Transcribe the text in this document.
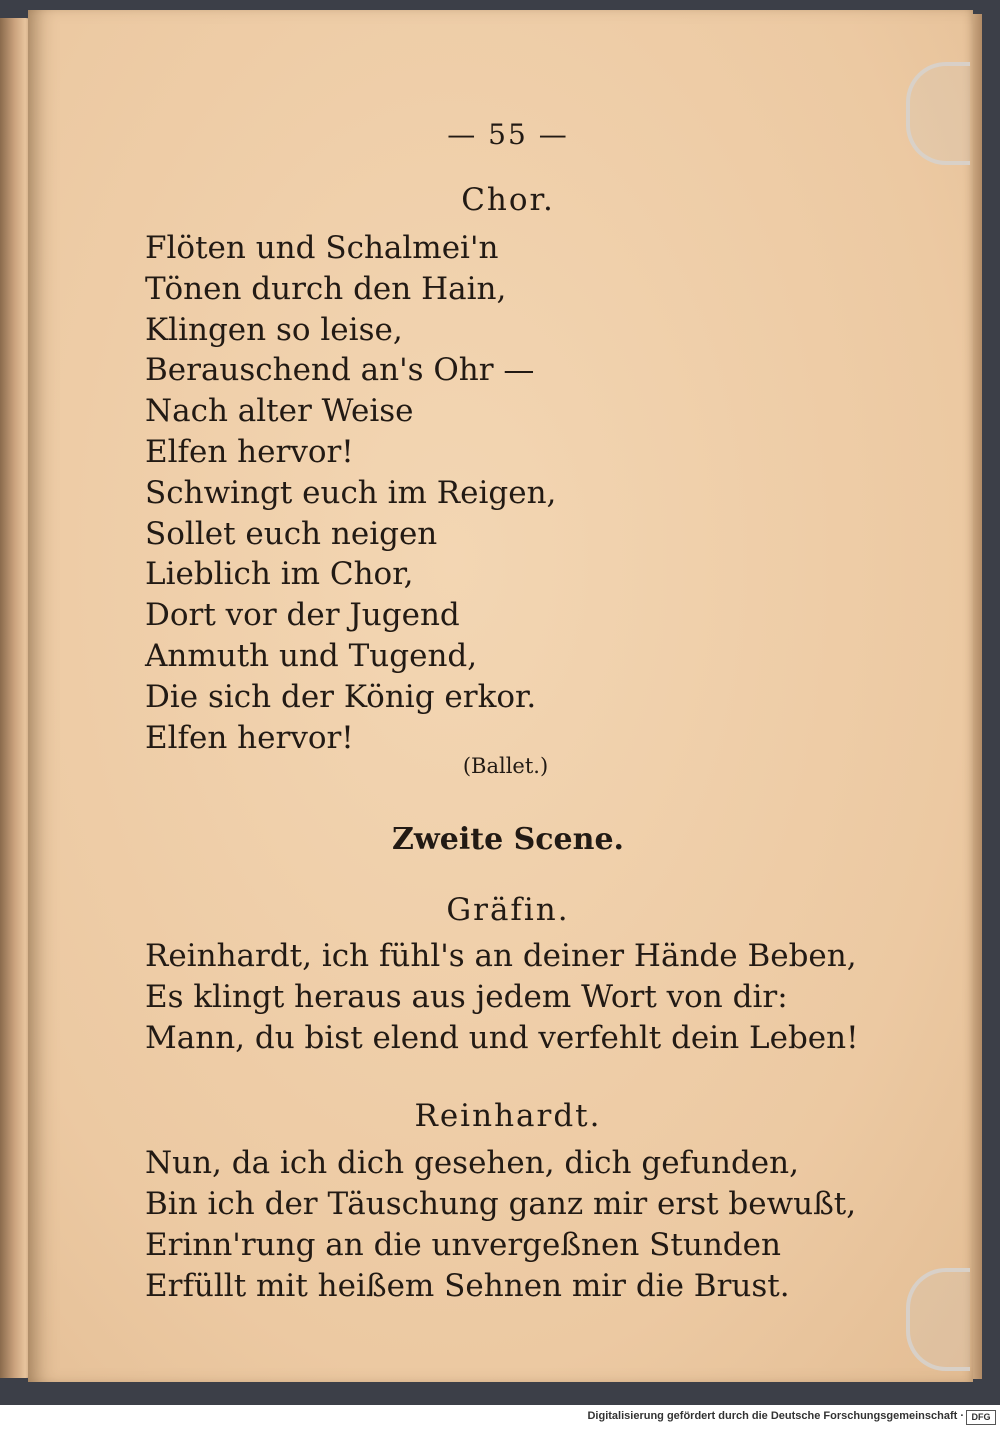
— 55 —

Chor.

Flöten und Schalmei'n
Tönen durch den Hain,
Klingen so leise,
Berauschend an's Ohr —
Nach alter Weise
Elfen hervor!
Schwingt euch im Reigen,
Sollet euch neigen
Lieblich im Chor,
Dort vor der Jugend
Anmuth und Tugend,
Die sich der König erkor.
Elfen hervor!

(Ballet.)

Zweite Scene.

Gräfin.

Reinhardt, ich fühl's an deiner Hände Beben,
Es klingt heraus aus jedem Wort von dir:
Mann, du bist elend und verfehlt dein Leben!

Reinhardt.

Nun, da ich dich gesehen, dich gefunden,
Bin ich der Täuschung ganz mir erst bewußt,
Erinn'rung an die unvergeßnen Stunden
Erfüllt mit heißem Sehnen mir die Brust.
Digitalisierung gefördert durch die Deutsche Forschungsgemeinschaft · DFG
